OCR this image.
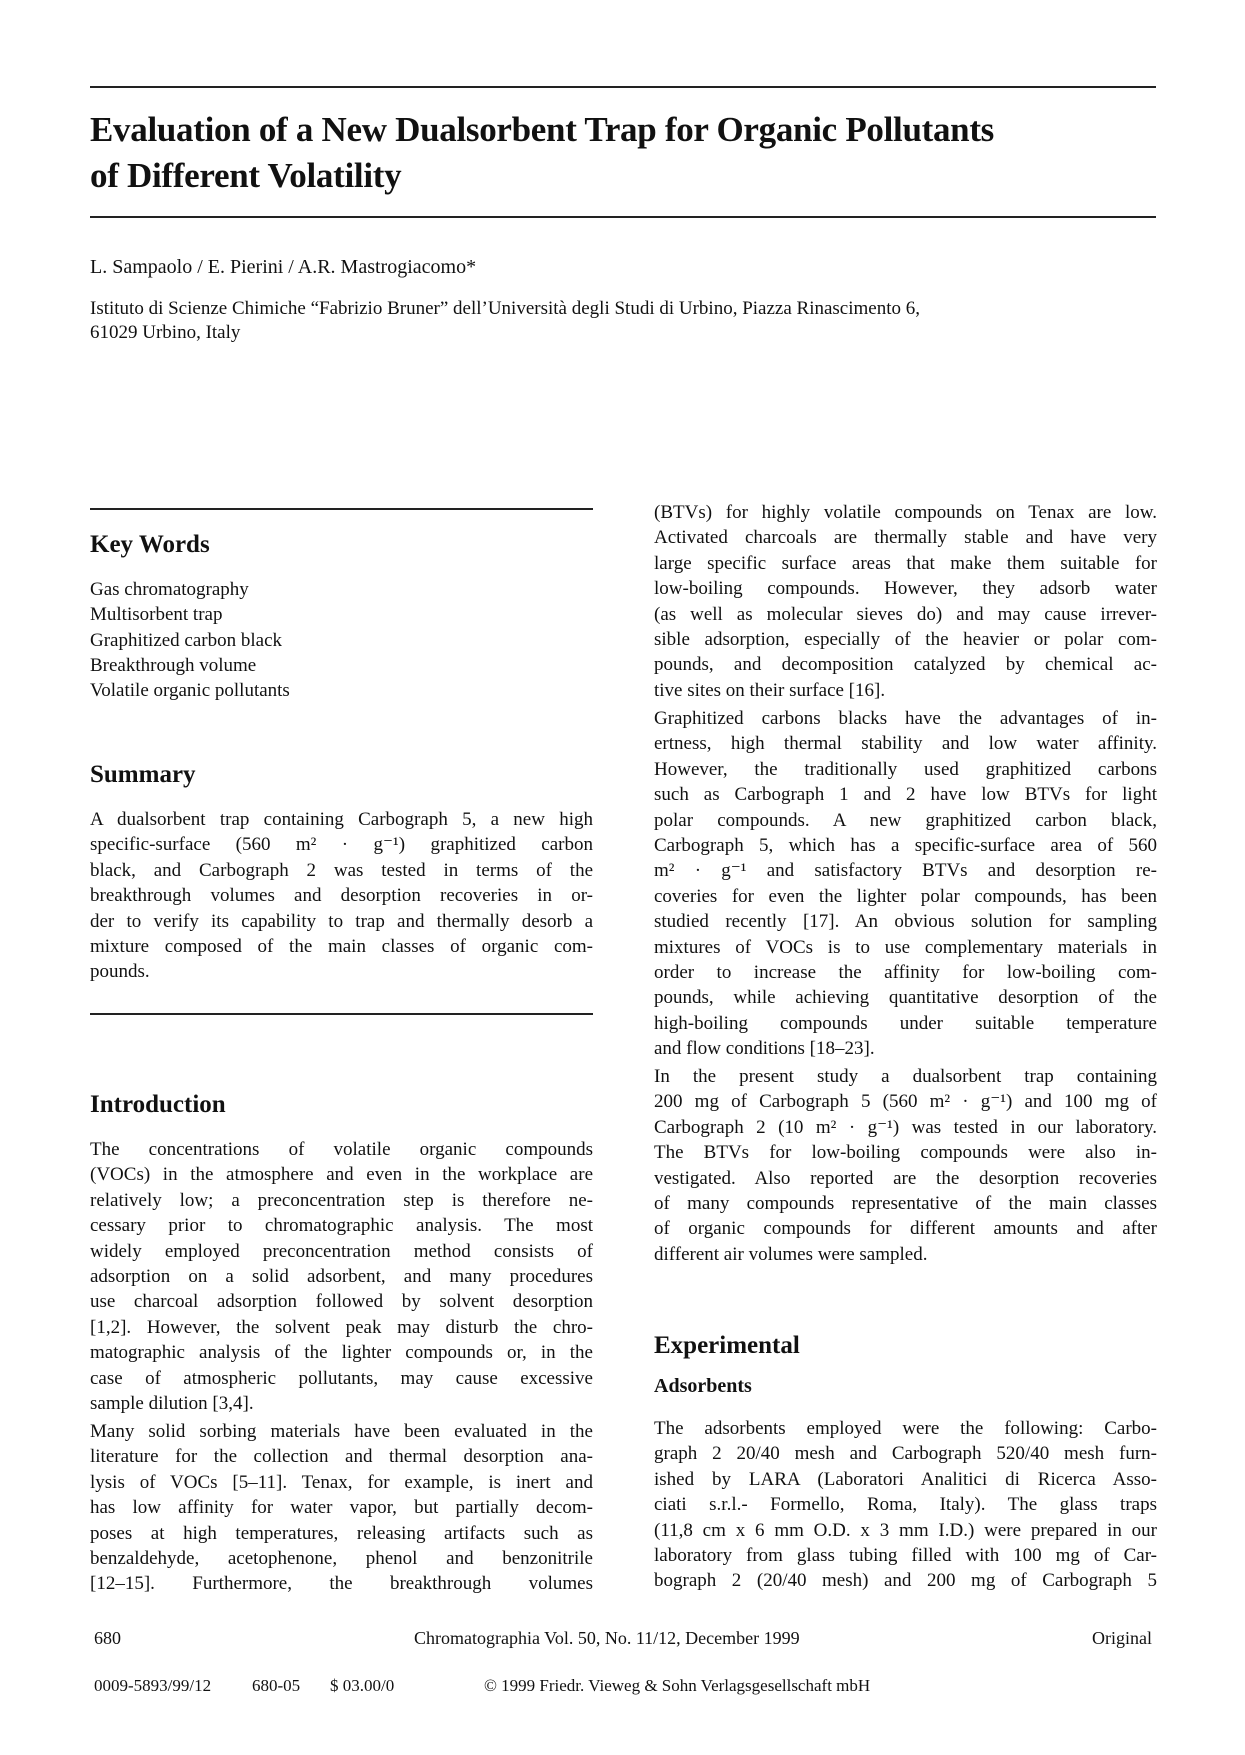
Evaluation of a New Dualsorbent Trap for Organic Pollutants
of Different Volatility
L. Sampaolo / E. Pierini / A.R. Mastrogiacomo*
Istituto di Scienze Chimiche “Fabrizio Bruner” dell’Università degli Studi di Urbino, Piazza Rinascimento 6,
61029 Urbino, Italy
Key Words
Gas chromatography
Multisorbent trap
Graphitized carbon black
Breakthrough volume
Volatile organic pollutants
Summary
A dualsorbent trap containing Carbograph 5, a new high
specific-surface (560 m² · g⁻¹) graphitized carbon
black, and Carbograph 2 was tested in terms of the
breakthrough volumes and desorption recoveries in or-
der to verify its capability to trap and thermally desorb a
mixture composed of the main classes of organic com-
pounds.
Introduction
The concentrations of volatile organic compounds
(VOCs) in the atmosphere and even in the workplace are
relatively low; a preconcentration step is therefore ne-
cessary prior to chromatographic analysis. The most
widely employed preconcentration method consists of
adsorption on a solid adsorbent, and many procedures
use charcoal adsorption followed by solvent desorption
[1,2]. However, the solvent peak may disturb the chro-
matographic analysis of the lighter compounds or, in the
case of atmospheric pollutants, may cause excessive
sample dilution [3,4].
Many solid sorbing materials have been evaluated in the
literature for the collection and thermal desorption ana-
lysis of VOCs [5–11]. Tenax, for example, is inert and
has low affinity for water vapor, but partially decom-
poses at high temperatures, releasing artifacts such as
benzaldehyde, acetophenone, phenol and benzonitrile
[12–15]. Furthermore, the breakthrough volumes
(BTVs) for highly volatile compounds on Tenax are low.
Activated charcoals are thermally stable and have very
large specific surface areas that make them suitable for
low-boiling compounds. However, they adsorb water
(as well as molecular sieves do) and may cause irrever-
sible adsorption, especially of the heavier or polar com-
pounds, and decomposition catalyzed by chemical ac-
tive sites on their surface [16].
Graphitized carbons blacks have the advantages of in-
ertness, high thermal stability and low water affinity.
However, the traditionally used graphitized carbons
such as Carbograph 1 and 2 have low BTVs for light
polar compounds. A new graphitized carbon black,
Carbograph 5, which has a specific-surface area of 560
m² · g⁻¹ and satisfactory BTVs and desorption re-
coveries for even the lighter polar compounds, has been
studied recently [17]. An obvious solution for sampling
mixtures of VOCs is to use complementary materials in
order to increase the affinity for low-boiling com-
pounds, while achieving quantitative desorption of the
high-boiling compounds under suitable temperature
and flow conditions [18–23].
In the present study a dualsorbent trap containing
200 mg of Carbograph 5 (560 m² · g⁻¹) and 100 mg of
Carbograph 2 (10 m² · g⁻¹) was tested in our laboratory.
The BTVs for low-boiling compounds were also in-
vestigated. Also reported are the desorption recoveries
of many compounds representative of the main classes
of organic compounds for different amounts and after
different air volumes were sampled.
Experimental
Adsorbents
The adsorbents employed were the following: Carbo-
graph 2 20/40 mesh and Carbograph 520/40 mesh furn-
ished by LARA (Laboratori Analitici di Ricerca Asso-
ciati s.r.l.- Formello, Roma, Italy). The glass traps
(11,8 cm x 6 mm O.D. x 3 mm I.D.) were prepared in our
laboratory from glass tubing filled with 100 mg of Car-
bograph 2 (20/40 mesh) and 200 mg of Carbograph 5
680	Chromatographia Vol. 50, No. 11/12, December 1999	Original
0009-5893/99/12 680-05 $ 03.00/0	© 1999 Friedr. Vieweg & Sohn Verlagsgesellschaft mbH
